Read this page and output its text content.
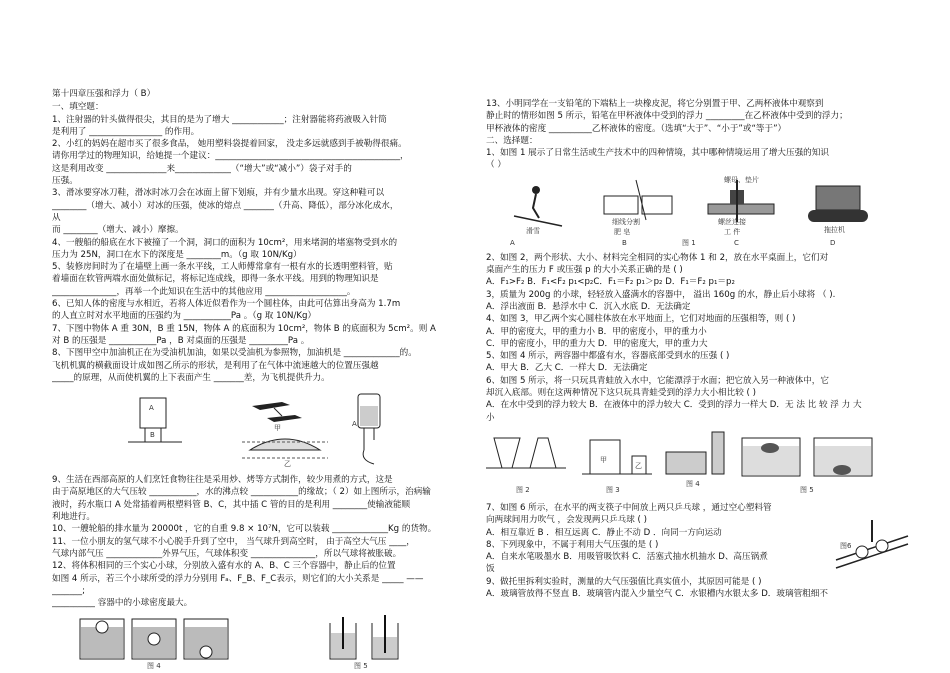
第十四章压强和浮力（ B）
一、填空题：
1、注射器的针头做得很尖，其目的是为了增大 ____________；注射器能将药液吸入针筒
是利用了 _________________ 的作用。
2、小红的妈妈在超市买了很多食品， 她用塑料袋提着回家， 没走多远就感到手被勒得很痛。
请你用学过的物理知识，给她提一个建议：___________________________________________，
这是利用改变 ______________来_____________（“增大”或“减小”）袋子对手的
压强。
3、滑冰要穿冰刀鞋，滑冰时冰刀会在冰面上留下划痕，并有少量水出现。穿这种鞋可以
________（增大、减小）对冰的压强，使冰的熔点 _______（升高、降低），部分冰化成水，
从
而 ________（增大、减小）摩擦。
4、一艘船的船底在水下被撞了一个洞，洞口的面积为 10cm²，用来堵洞的堵塞物受到水的
压力为 25N，洞口在水下的深度是 ________m。（g 取 10N/Kg）
5、装修房间时为了在墙壁上画一条水平线，工人师傅常拿有一根有水的长透明塑料管，贴
着墙面在软管两端水面处做标记，将标记连成线，即得一条水平线。用到的物理知识是
_______________，再举一个此知识在生活中的其他应用 ___________________。
6、已知人体的密度与水相近，若将人体近似看作为一个圆柱体，由此可估算出身高为 1.7m
的人直立时对水平地面的压强约为 ___________Pa 。（g 取 10N/Kg）
7、下图中物体 A 重 30N，B 重 15N，物体 A 的底面积为 10cm²，物体 B 的底面积为 5cm²。则 A
对 B 的压强是 ___________Pa ，B 对桌面的压强是 _________Pa 。
8、下图甲空中加油机正在为受油机加油，如果以受油机为参照物，加油机是 _____________的。
飞机机翼的横截面设计成如图乙所示的形状，是利用了在气体中流速越大的位置压强越
_____的原理，从而使机翼的上下表面产生 _______差，为飞机提供升力。
A
B
甲
乙
A
9、生活在西部高原的人们烹饪食物往往是采用炒、烤等方式制作，较少用煮的方式，这是
由于高原地区的大气压较 ___________，水的沸点较 ___________的缘故；（ 2）如上图所示，治病输
液时，药水瓶口 A 处常插着两根塑料管 B、C，其中插 C 管的目的是利用 ________使输液能顺
利地进行。
10、一艘轮船的排水量为 20000t ，它的自重 9.8 × 10⁷N，它可以装载 _____________Kg 的货物。
11、一位小朋友的氢气球不小心脱手升到了空中， 当气球升到高空时， 由于高空大气压 ____，
气球内部气压 _____________外界气压，气球体积变 _______________，所以气球将被胀破。
12、将体积相同的三个实心小球，分别放入盛有水的 A、B、C 三个容器中，静止后的位置
如图 4 所示，若三个小球所受的浮力分别用 Fₐ、F_B、F_C表示，则它们的大小关系是 _____ ——
_______;
__________ 容器中的小球密度最大。
图 4	图 5
13、小明同学在一支铅笔的下端粘上一块橡皮泥，将它分别置于甲、乙两杯液体中观察到
静止时的情形如图 5 所示，铅笔在甲杯液体中受到的浮力 _________在乙杯液体中受到的浮力；
甲杯液体的密度 __________乙杯液体的密度。（选填“大于”、“小于”或“等于”）
二、选择题：
1、如图 1 展示了日常生活或生产技术中的四种情境，其中哪种情境运用了增大压强的知识
（ ）
滑雪
A
细线分割
肥 皂
B
螺母、垫片
螺丝连接
工 件
C
拖拉机
D
图 1
2、如图 2，两个形状、大小、材料完全相同的实心物体 1 和 2，放在水平桌面上，它们对
桌面产生的压力 F 或压强 p 的大小关系正确的是 ( )
A．F₁>F₂ B．F₁<F₂ p₁<p₂C．F₁＝F₂ p₁＞p₂ D．F₁＝F₂ p₁＝p₂
3，质量为 200g 的小球，轻轻放入盛满水的容器中， 溢出 160g 的水，静止后小球将 （ ).
A．浮出液面 B．悬浮水中 C．沉入水底 D．无法确定
4、如图 3，甲乙两个实心圆柱体放在水平地面上，它们对地面的压强相等，则 ( )
A．甲的密度大，甲的重力小 B．甲的密度小，甲的重力小
C．甲的密度小，甲的重力大 D．甲的密度大，甲的重力大
5、如图 4 所示，两容器中都盛有水，容器底部受到水的压强 ( )
A．甲大 B．乙大 C．一样大 D．无法确定
6、如图 5 所示，将一只玩具青蛙放入水中，它能漂浮于水面；把它放入另一种液体中，它
却沉入底部。则在这两种情况下这只玩具青蛙受到的浮力大小相比较 ( )
A．在水中受到的浮力较大 B．在液体中的浮力较大 C．受到的浮力一样大 D．无 法 比 较 浮 力 大
小
图 2
甲
乙
图 3
图 4
图 5
7、如图 6 所示，在水平的两支筷子中间放上两只乒乓球 ，通过空心塑料管
向两球间用力吹气 ，会发现两只乒乓球 ( )
A．相互靠近 B ．相互远离 C．静止不动 D ．向同一方向运动
8、下列现象中，不属于利用大气压强的是 ( )
A．自来水笔吸墨水 B．用吸管吸饮料 C．活塞式抽水机抽水 D、高压锅煮
饭
9、做托里拆利实验时，测量的大气压强值比真实值小，其原因可能是 ( )
A．玻璃管放得不竖直 B．玻璃管内混入少量空气 C．水银槽内水银太多 D．玻璃管粗细不
图6
